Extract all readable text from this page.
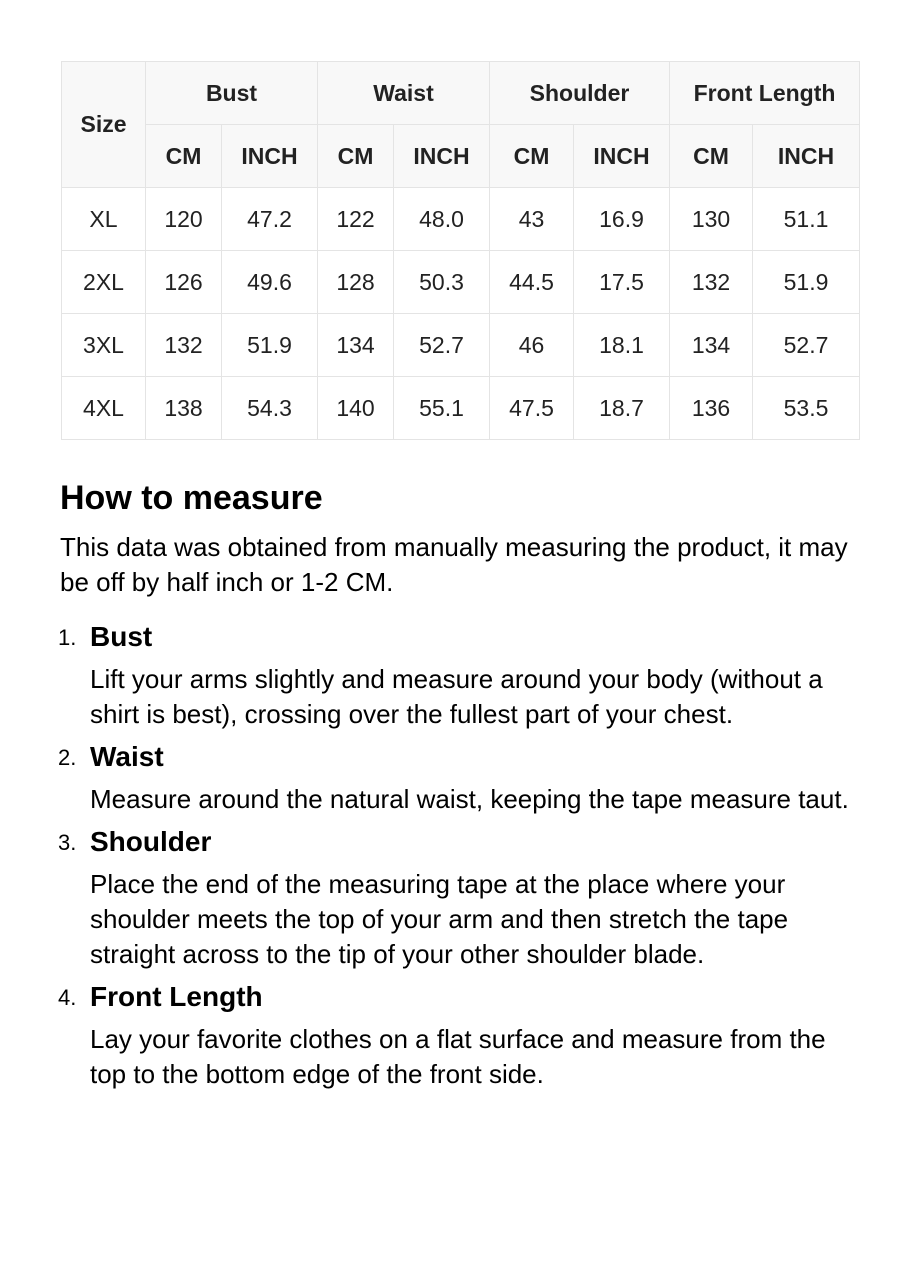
Size	Bust		Waist		Shoulder		Front Length	
	CM	INCH	CM	INCH	CM	INCH	CM	INCH
XL	120	47.2	122	48.0	43	16.9	130	51.1
2XL	126	49.6	128	50.3	44.5	17.5	132	51.9
3XL	132	51.9	134	52.7	46	18.1	134	52.7
4XL	138	54.3	140	55.1	47.5	18.7	136	53.5
How to measure

This data was obtained from manually measuring the product, it may be off by half inch or 1-2 CM.

1. Bust

Lift your arms slightly and measure around your body (without a shirt is best), crossing over the fullest part of your chest.

2. Waist

Measure around the natural waist, keeping the tape measure taut.

3. Shoulder

Place the end of the measuring tape at the place where your shoulder meets the top of your arm and then stretch the tape straight across to the tip of your other shoulder blade.

4. Front Length

Lay your favorite clothes on a flat surface and measure from the top to the bottom edge of the front side.
